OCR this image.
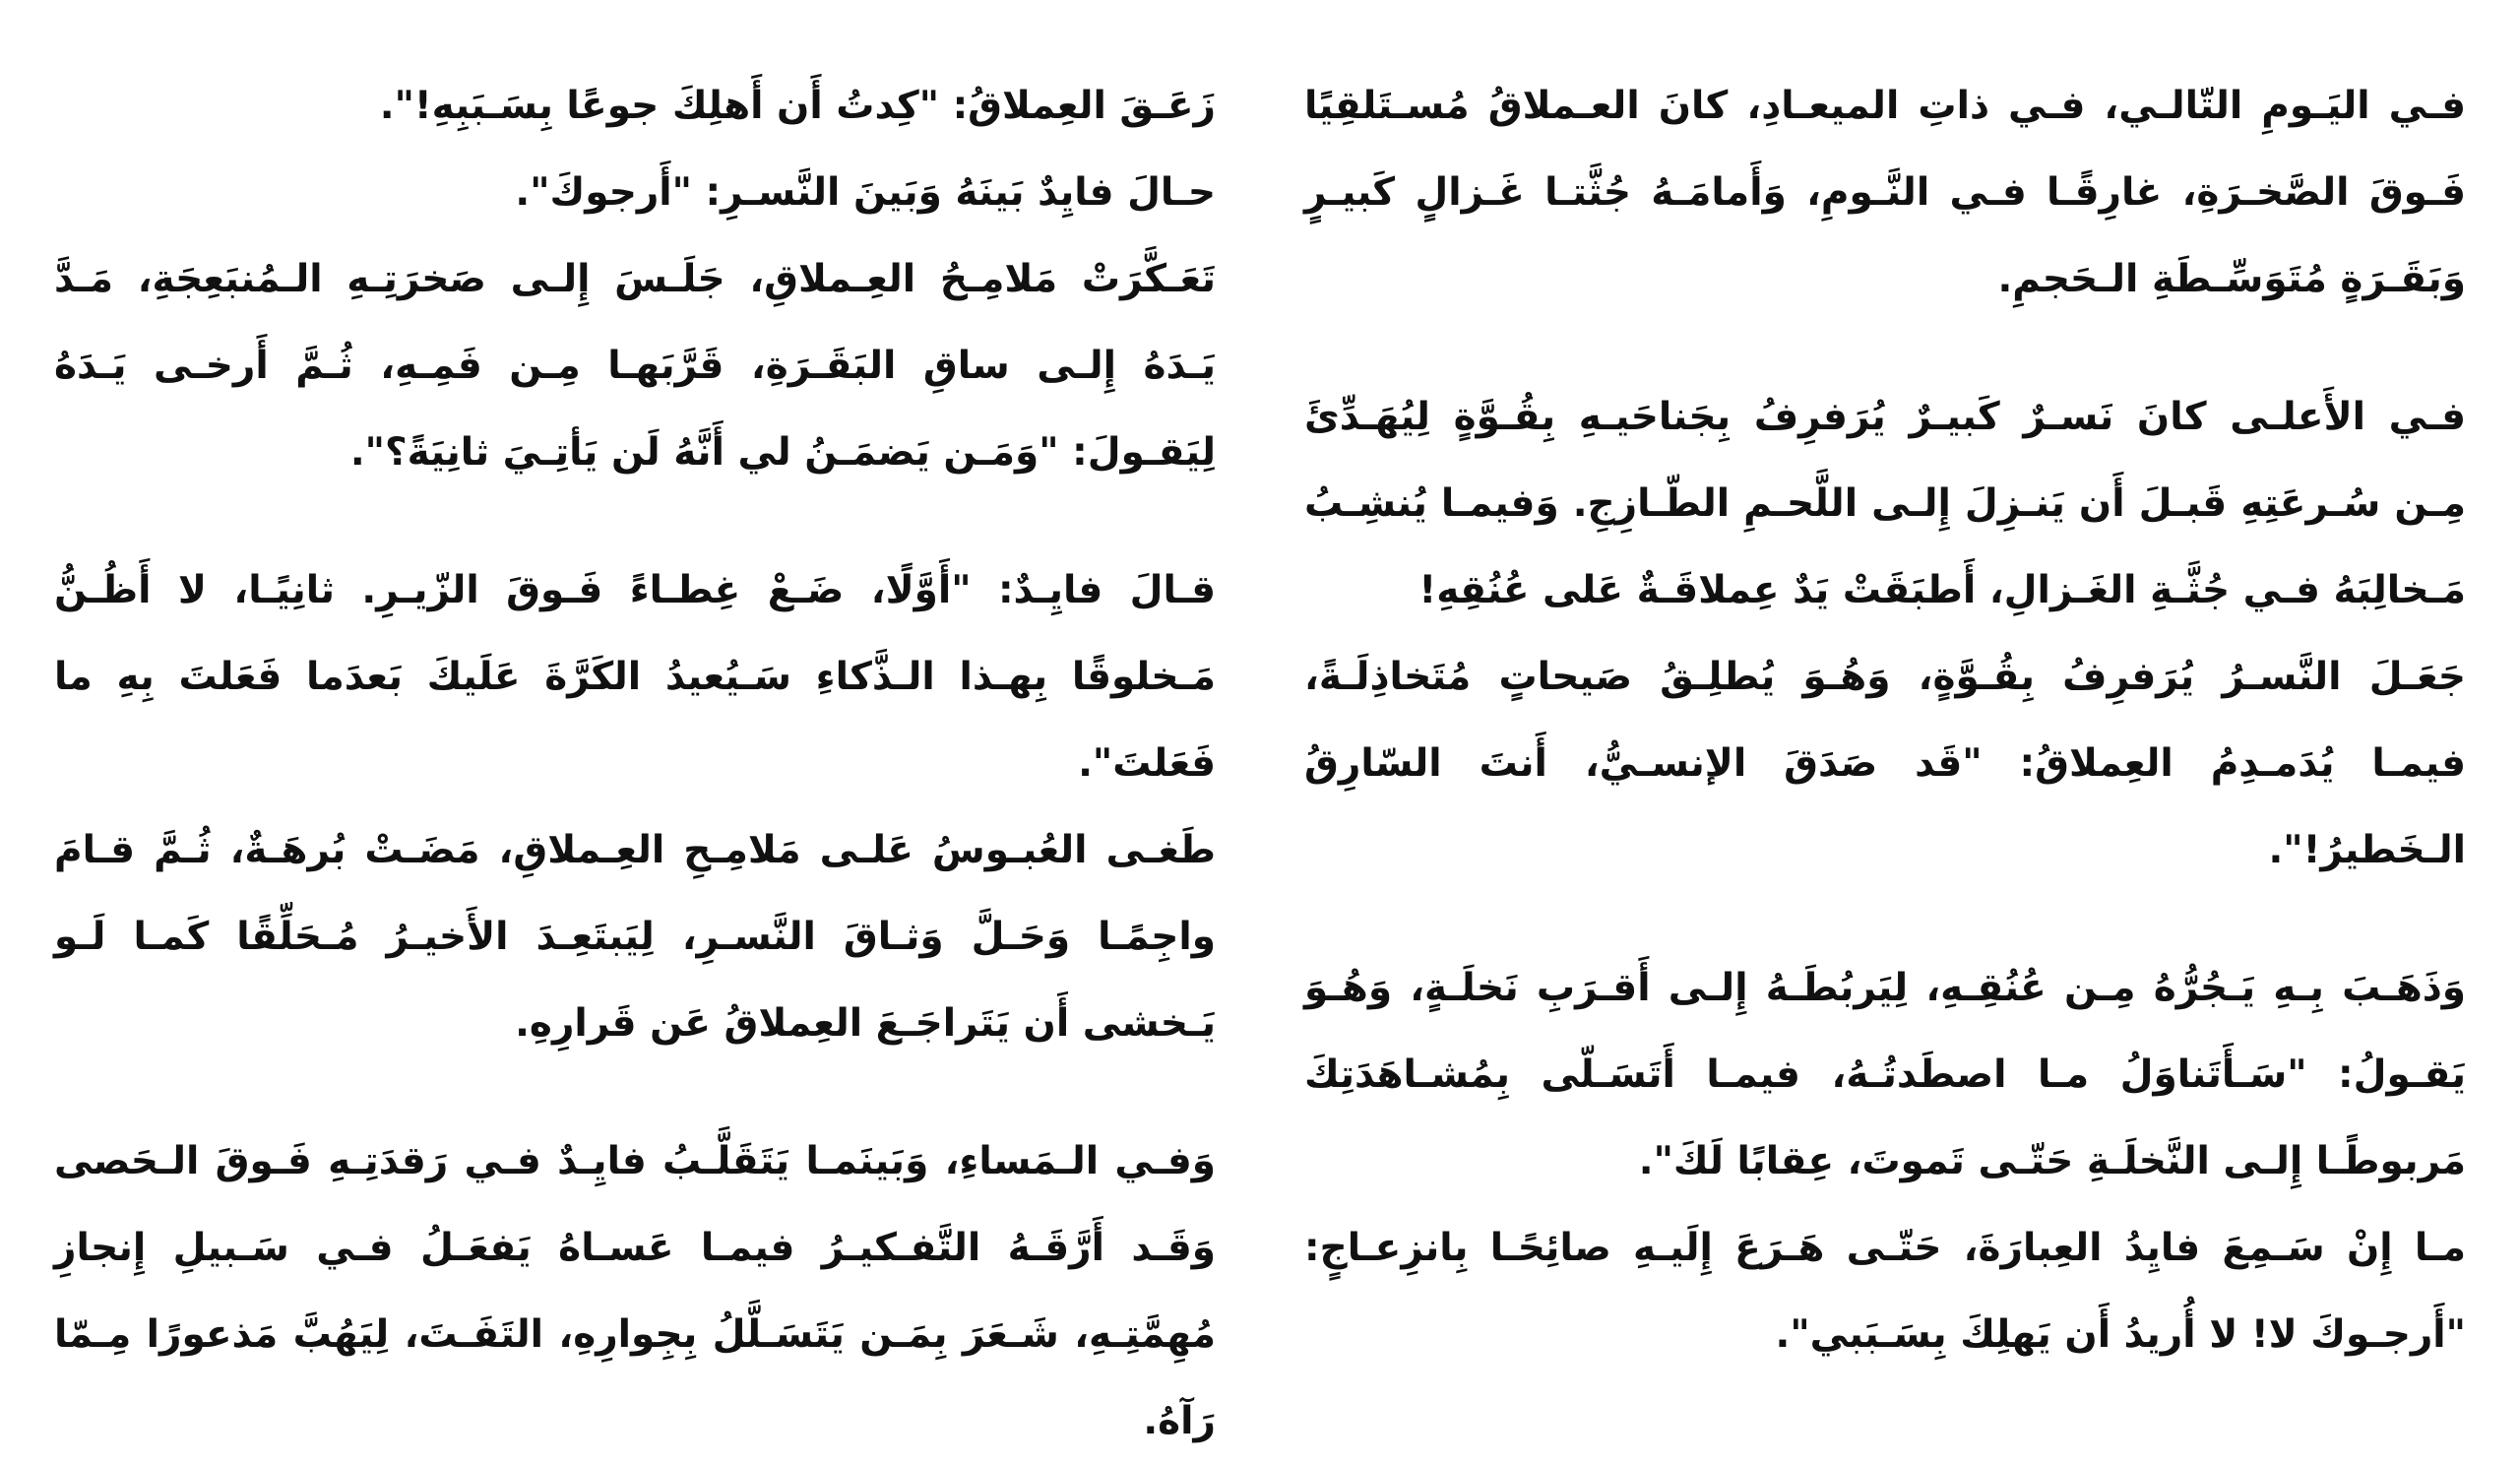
فـي اليَـومِ التّالـي، فـي ذاتِ الميعـادِ، كانَ العـملاقُ مُسـتَلقِيًا فَـوقَ الصَّخـرَةِ، غارِقًـا فـي النَّـومِ، وَأَمامَـهُ جُثَّتـا غَـزالٍ كَبيـرٍ وَبَقَـرَةٍ مُتَوَسِّـطَةِ الـحَجمِ.

فـي الأَعلـى كانَ نَسـرٌ كَبيـرٌ يُرَفرِفُ بِجَناحَيـهِ بِقُـوَّةٍ لِيُهَـدِّئَ مِـن سُـرعَتِهِ قَبـلَ أَن يَنـزِلَ إِلـى اللَّحـمِ الطّـازِجِ. وَفيمـا يُنشِـبُ مَـخالِبَهُ فـي جُثَّـةِ الغَـزالِ، أَطبَقَتْ يَدٌ عِملاقَـةٌ عَلى عُنُقِهِ!

جَعَـلَ النَّسـرُ يُرَفرِفُ بِقُـوَّةٍ، وَهُـوَ يُطلِـقُ صَيحاتٍ مُتَخاذِلَـةً، فيمـا يُدَمـدِمُ العِملاقُ: "قَد صَدَقَ الإنسـيُّ، أَنتَ السّارِقُ الـخَطيرُ!".

وَذَهَـبَ بِـهِ يَـجُرُّهُ مِـن عُنُقِـهِ، لِيَربُطَـهُ إِلـى أَقـرَبِ نَخلَـةٍ، وَهُـوَ يَقـولُ: "سَـأَتَناوَلُ مـا اصطَدتُـهُ، فيمـا أَتَسَـلّى بِمُشـاهَدَتِكَ مَربوطًـا إِلـى النَّخلَـةِ حَتّـى تَموتَ، عِقابًا لَكَ".

مـا إِنْ سَـمِعَ فايِدُ العِبارَةَ، حَتّـى هَـرَعَ إِلَيـهِ صائِحًـا بِانزِعـاجٍ: "أَرجـوكَ لا! لا أُريدُ أَن يَهلِكَ بِسَـبَبي".

زَعَـقَ العِملاقُ: "كِدتُ أَن أَهلِكَ جوعًا بِسَـبَبِهِ!".

حـالَ فايِدٌ بَينَهُ وَبَينَ النَّسـرِ: "أَرجوكَ".

تَعَـكَّرَتْ مَلامِـحُ العِـملاقِ، جَلَـسَ إِلـى صَخرَتِـهِ الـمُنبَعِجَةِ، مَـدَّ يَـدَهُ إِلـى ساقِ البَقَـرَةِ، قَرَّبَهـا مِـن فَمِـهِ، ثُـمَّ أَرخـى يَـدَهُ لِيَقـولَ: "وَمَـن يَضمَـنُ لي أَنَّهُ لَن يَأتِـيَ ثانِيَةً؟".

قـالَ فايِـدٌ: "أَوَّلًا، ضَـعْ غِطـاءً فَـوقَ الزّيـرِ. ثانِيًـا، لا أَظُـنُّ مَـخلوقًا بِهـذا الـذَّكاءِ سَـيُعيدُ الكَرَّةَ عَلَيكَ بَعدَما فَعَلتَ بِهِ ما فَعَلتَ".

طَغـى العُبـوسُ عَلـى مَلامِـحِ العِـملاقِ، مَضَـتْ بُرهَـةٌ، ثُـمَّ قـامَ واجِمًـا وَحَـلَّ وَثـاقَ النَّسـرِ، لِيَبتَعِـدَ الأَخيـرُ مُـحَلِّقًا كَمـا لَـو يَـخشى أَن يَتَراجَـعَ العِملاقُ عَن قَرارِهِ.

وَفـي الـمَساءِ، وَبَينَمـا يَتَقَلَّـبُ فايِـدٌ فـي رَقدَتِـهِ فَـوقَ الـحَصى وَقَـد أَرَّقَـهُ التَّفـكيـرُ فيمـا عَسـاهُ يَفعَـلُ فـي سَـبيلِ إِنجازِ مُهِمَّتِـهِ، شَـعَرَ بِمَـن يَتَسَـلَّلُ بِجِوارِهِ، التَفَـتَ، لِيَهُبَّ مَذعورًا مِـمّا رَآهُ.
